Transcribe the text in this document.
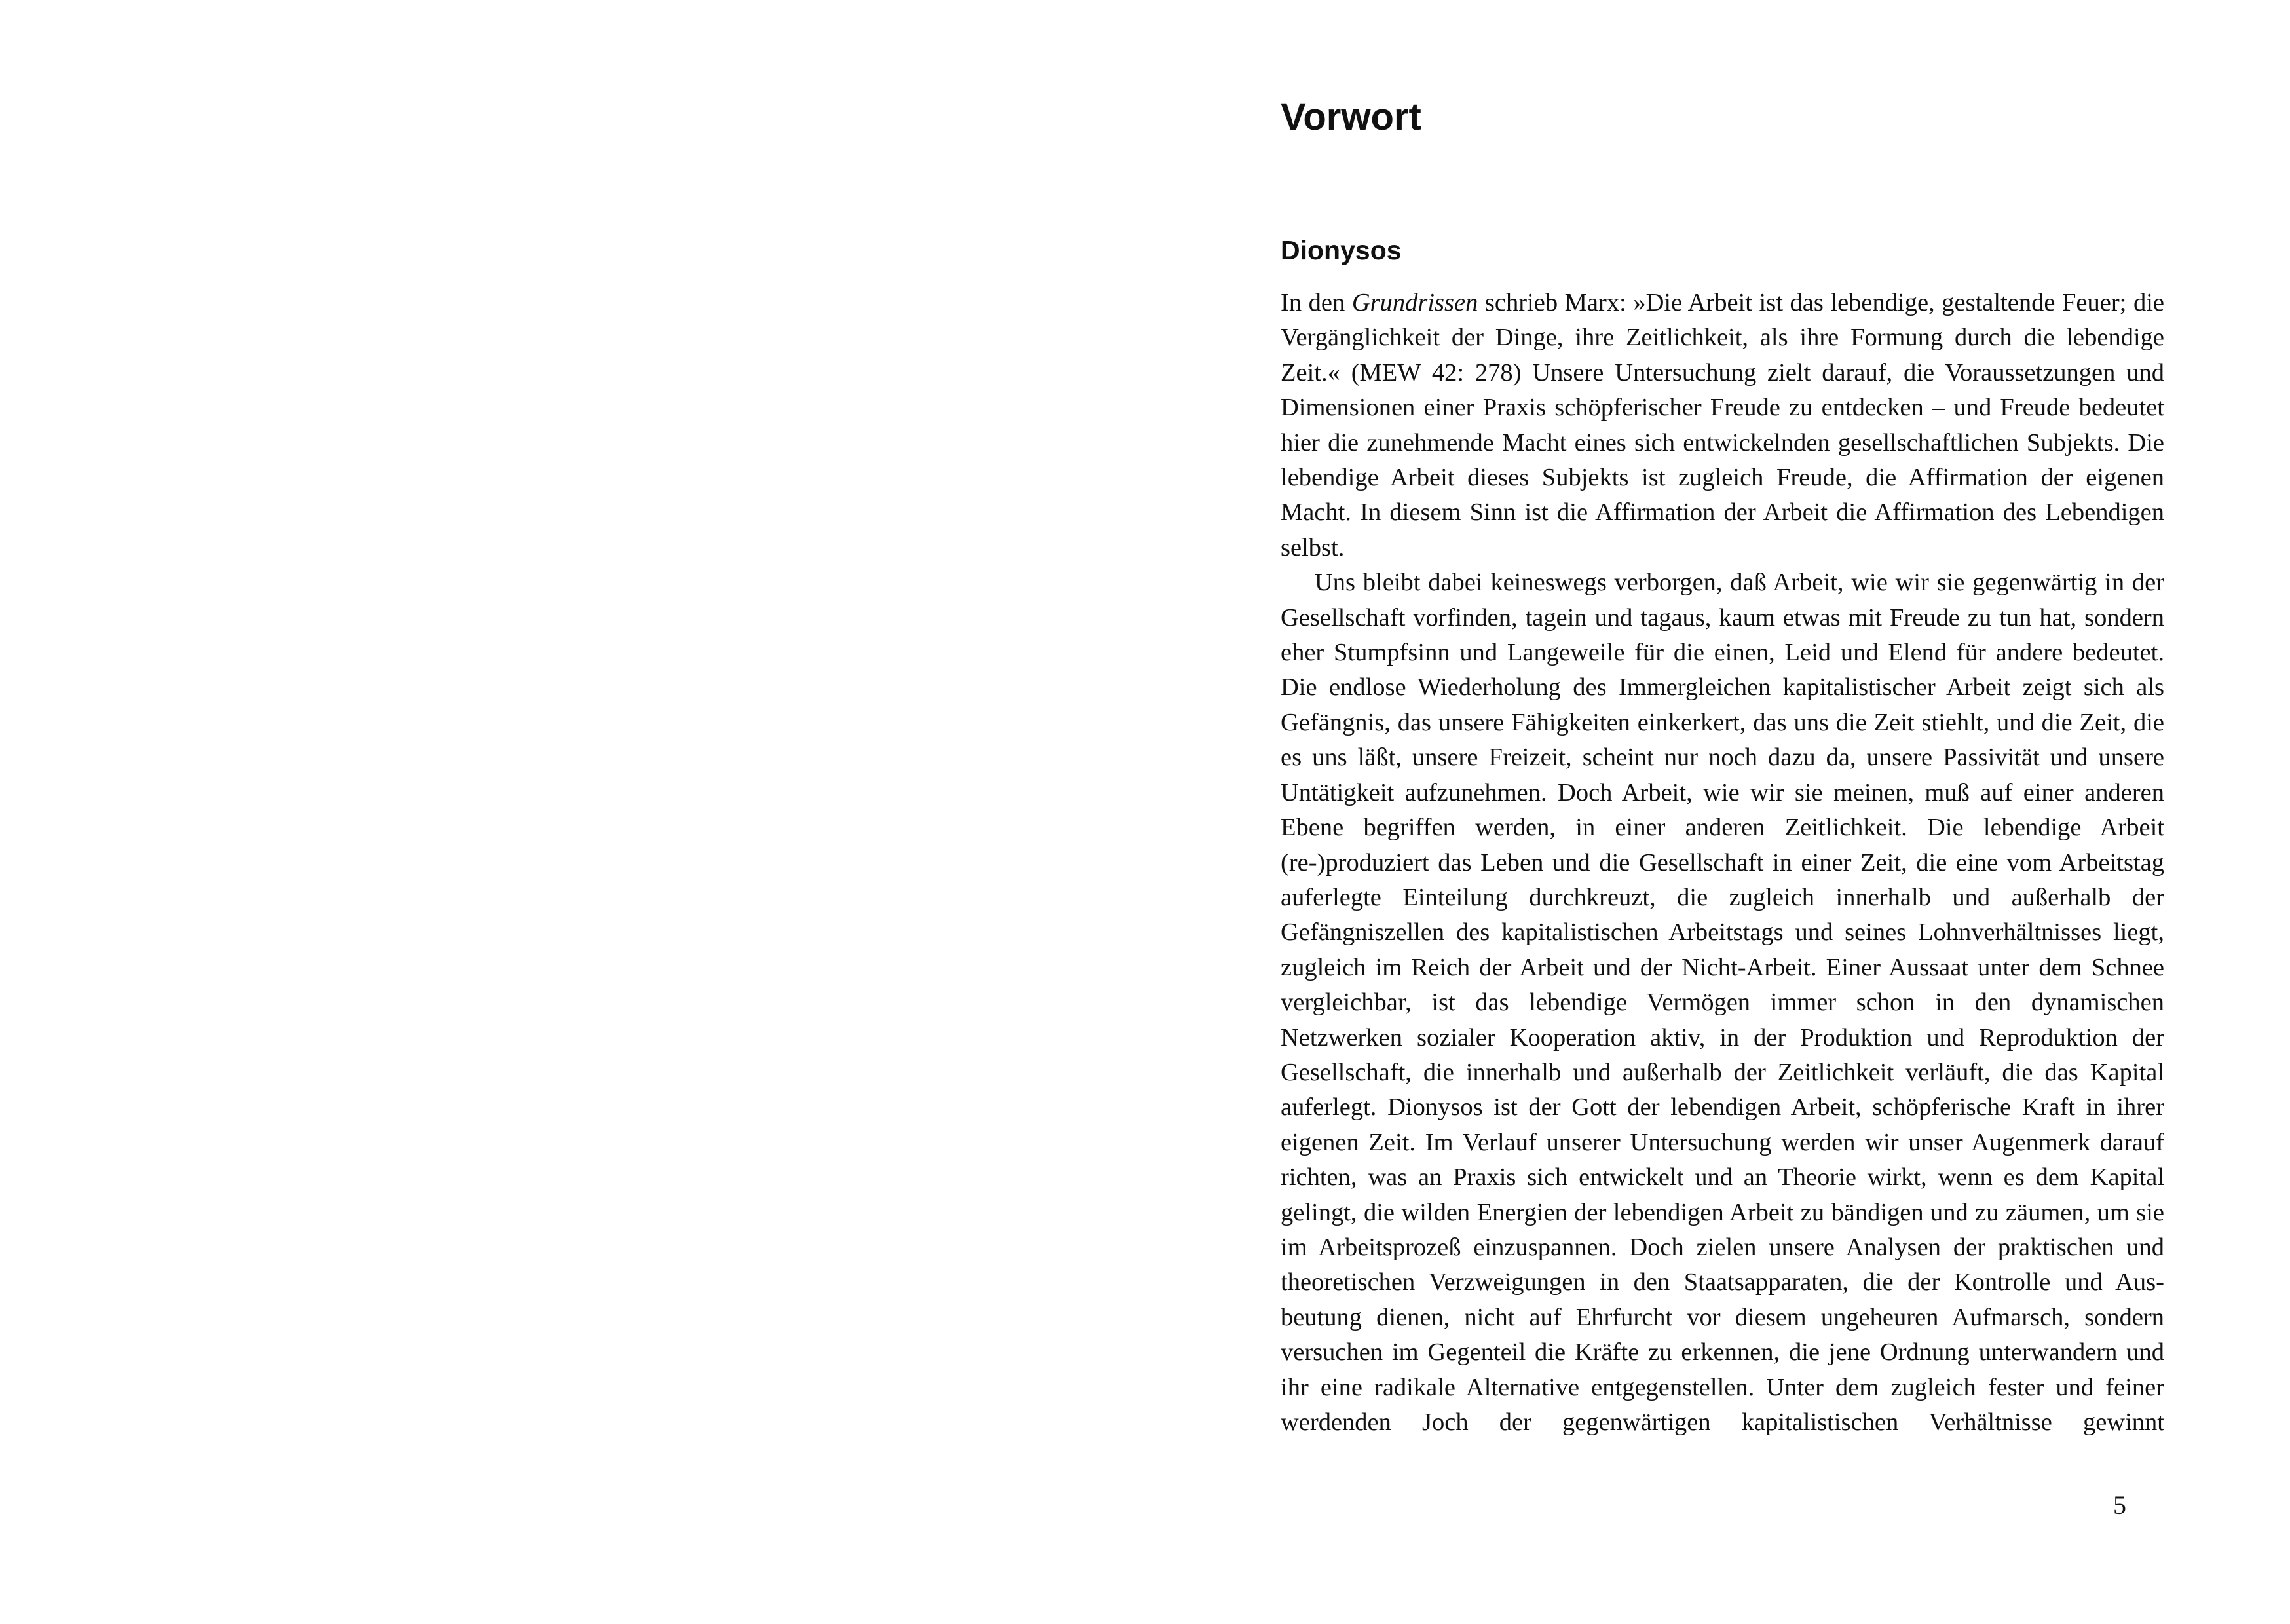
Vorwort
Dionysos

In den Grundrissen schrieb Marx: »Die Arbeit ist das lebendige, gestaltende Feuer; die Vergänglichkeit der Dinge, ihre Zeitlichkeit, als ihre Formung durch die lebendige Zeit.« (MEW 42: 278) Unsere Untersuchung zielt darauf, die Voraussetzungen und Dimensionen einer Praxis schöpferischer Freude zu entdecken – und Freude bedeutet hier die zunehmende Macht eines sich entwickelnden gesellschaftlichen Subjekts. Die lebendige Arbeit dieses Subjekts ist zugleich Freude, die Affirmation der eigenen Macht. In diesem Sinn ist die Affirmation der Arbeit die Affirmation des Lebendigen selbst.

Uns bleibt dabei keineswegs verborgen, daß Arbeit, wie wir sie gegenwärtig in der Gesellschaft vorfinden, tagein und tagaus, kaum etwas mit Freude zu tun hat, sondern eher Stumpfsinn und Langeweile für die einen, Leid und Elend für andere bedeutet. Die endlose Wiederholung des Immergleichen kapitalistischer Arbeit zeigt sich als Gefängnis, das unsere Fähigkeiten einkerkert, das uns die Zeit stiehlt, und die Zeit, die es uns läßt, unsere Freizeit, scheint nur noch dazu da, unsere Passivität und unsere Untätigkeit aufzunehmen. Doch Arbeit, wie wir sie meinen, muß auf einer anderen Ebene begriffen werden, in einer anderen Zeitlichkeit. Die lebendige Arbeit (re-)produziert das Leben und die Gesellschaft in einer Zeit, die eine vom Arbeitstag auferlegte Einteilung durchkreuzt, die zugleich innerhalb und außerhalb der Gefängniszellen des kapitalistischen Arbeitstags und seines Lohnverhältnisses liegt, zugleich im Reich der Arbeit und der Nicht-Arbeit. Einer Aussaat unter dem Schnee vergleichbar, ist das lebendige Vermögen immer schon in den dynamischen Netzwerken sozialer Kooperation aktiv, in der Produktion und Reproduktion der Gesellschaft, die innerhalb und außerhalb der Zeitlichkeit verläuft, die das Kapital auferlegt. Dionysos ist der Gott der lebendigen Arbeit, schöpferische Kraft in ihrer eigenen Zeit. Im Verlauf unserer Untersuchung werden wir unser Augenmerk darauf richten, was an Praxis sich entwickelt und an Theorie wirkt, wenn es dem Kapital gelingt, die wilden Energien der lebendigen Arbeit zu bändigen und zu zäumen, um sie im Arbeitsprozeß einzuspannen. Doch zielen unsere Analysen der praktischen und theoretischen Verzweigungen in den Staatsapparaten, die der Kontrolle und Ausbeutung dienen, nicht auf Ehrfurcht vor diesem ungeheuren Aufmarsch, sondern versuchen im Gegenteil die Kräfte zu erkennen, die jene Ordnung unterwandern und ihr eine radikale Alternative entgegenstellen. Unter dem zugleich fester und feiner werdenden Joch der gegenwärtigen kapitalistischen Verhältnisse gewinnt

5
